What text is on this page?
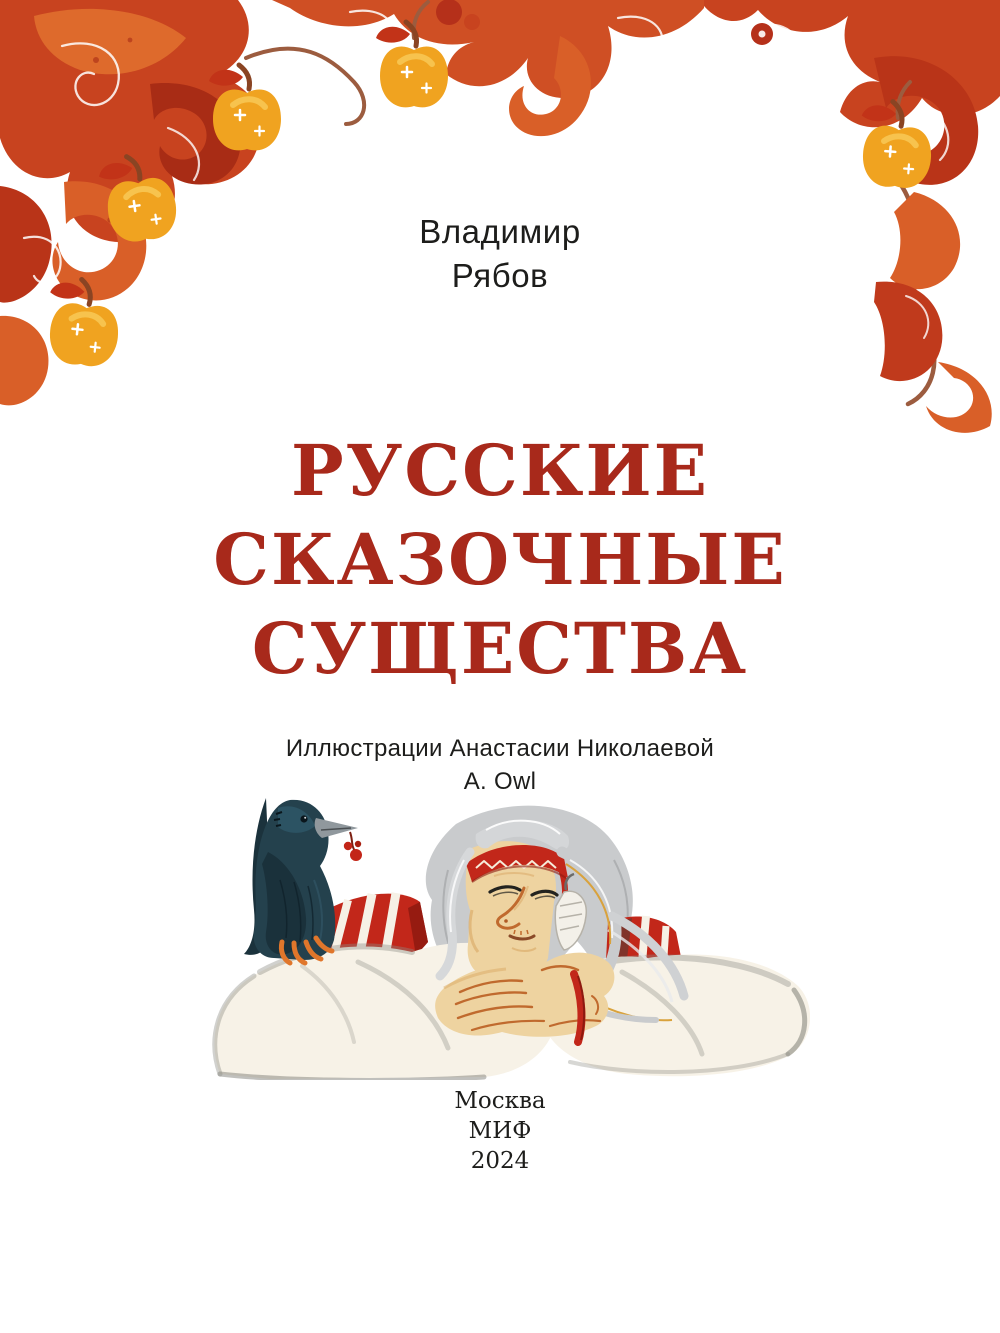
Владимир
Рябов
РУССКИЕ
СКАЗОЧНЫЕ
СУЩЕСТВА
Иллюстрации Анастасии Николаевой
A. Owl
Москва
МИФ
2024
